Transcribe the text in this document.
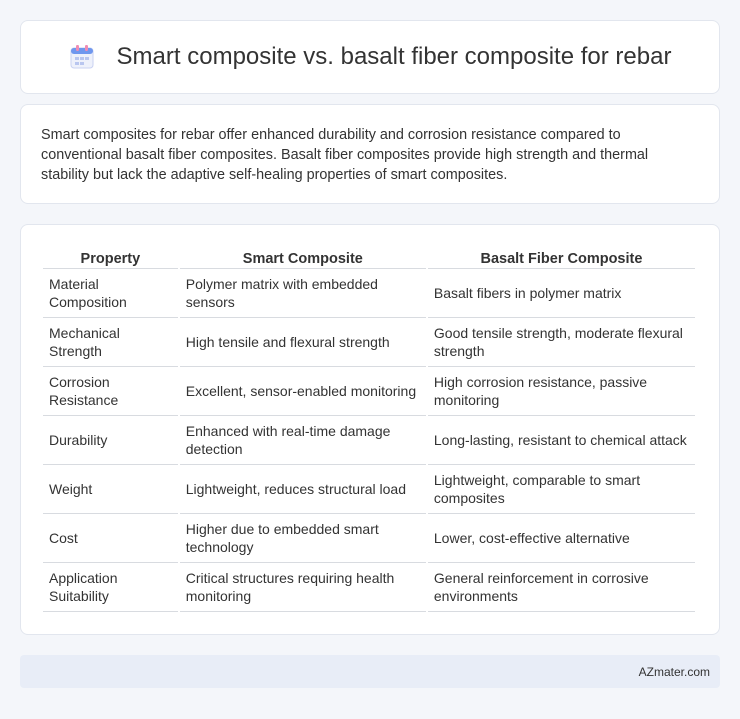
Smart composite vs. basalt fiber composite for rebar

Smart composites for rebar offer enhanced durability and corrosion resistance compared to conventional basalt fiber composites. Basalt fiber composites provide high strength and thermal stability but lack the adaptive self-healing properties of smart composites.

Property	Smart Composite	Basalt Fiber Composite
Material Composition	Polymer matrix with embedded sensors	Basalt fibers in polymer matrix
Mechanical Strength	High tensile and flexural strength	Good tensile strength, moderate flexural strength
Corrosion Resistance	Excellent, sensor-enabled monitoring	High corrosion resistance, passive monitoring
Durability	Enhanced with real-time damage detection	Long-lasting, resistant to chemical attack
Weight	Lightweight, reduces structural load	Lightweight, comparable to smart composites
Cost	Higher due to embedded smart technology	Lower, cost-effective alternative
Application Suitability	Critical structures requiring health monitoring	General reinforcement in corrosive environments
AZmater.com
